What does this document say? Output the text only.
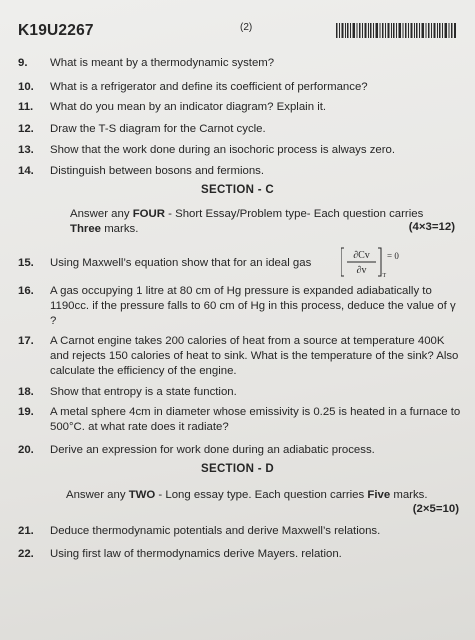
K19U2267	(2)
9.	What is meant by a thermodynamic system?
10.	What is a refrigerator and define its coefficient of performance?
11.	What do you mean by an indicator diagram? Explain it.
12.	Draw the T-S diagram for the Carnot cycle.
13.	Show that the work done during an isochoric process is always zero.
14.	Distinguish between bosons and fermions.
SECTION - C
Answer any FOUR - Short Essay/Problem type- Each question carries Three marks.	(4×3=12)
15.	Using Maxwell’s equation show that for an ideal gas
∂Cv
∂v	T
= 0
16.	A gas occupying 1 litre at 80 cm of Hg pressure is expanded adiabatically to 1190cc. if the pressure falls to 60 cm of Hg in this process, deduce the value of γ ?
17.	A Carnot engine takes 200 calories of heat from a source at temperature 400K and rejects 150 calories of heat to sink. What is the temperature of the sink? Also calculate the efficiency of the engine.
18.	Show that entropy is a state function.
19.	A metal sphere 4cm in diameter whose emissivity is 0.25 is heated in a furnace to 500°C. at what rate does it radiate?
20.	Derive an expression for work done during an adiabatic process.
SECTION - D
Answer any TWO - Long essay type. Each question carries Five marks.
(2×5=10)
21.	Deduce thermodynamic potentials and derive Maxwell’s relations.
22.	Using first law of thermodynamics derive Mayers. relation.
